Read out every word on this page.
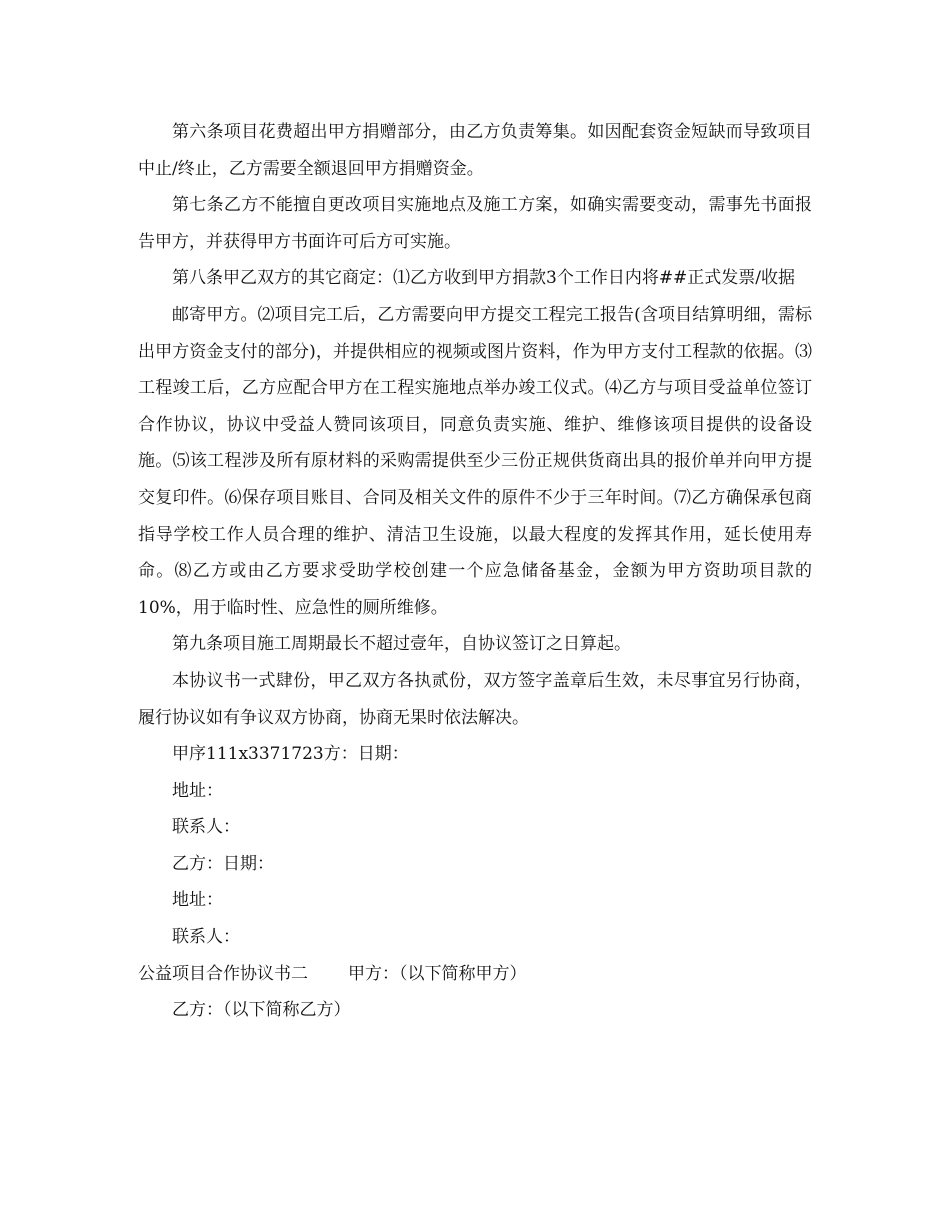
第六条项目花费超出甲方捐赠部分，由乙方负责筹集。如因配套资金短缺而导致项目中止/终止，乙方需要全额退回甲方捐赠资金。

第七条乙方不能擅自更改项目实施地点及施工方案，如确实需要变动，需事先书面报告甲方，并获得甲方书面许可后方可实施。

第八条甲乙双方的其它商定：⑴乙方收到甲方捐款3个工作日内将##正式发票/收据

邮寄甲方。⑵项目完工后，乙方需要向甲方提交工程完工报告(含项目结算明细，需标出甲方资金支付的部分)，并提供相应的视频或图片资料，作为甲方支付工程款的依据。⑶工程竣工后，乙方应配合甲方在工程实施地点举办竣工仪式。⑷乙方与项目受益单位签订合作协议，协议中受益人赞同该项目，同意负责实施、维护、维修该项目提供的设备设施。⑸该工程涉及所有原材料的采购需提供至少三份正规供货商出具的报价单并向甲方提交复印件。⑹保存项目账目、合同及相关文件的原件不少于三年时间。⑺乙方确保承包商指导学校工作人员合理的维护、清洁卫生设施，以最大程度的发挥其作用，延长使用寿命。⑻乙方或由乙方要求受助学校创建一个应急储备基金，金额为甲方资助项目款的10%，用于临时性、应急性的厕所维修。

第九条项目施工周期最长不超过壹年，自协议签订之日算起。

本协议书一式肆份，甲乙双方各执贰份，双方签字盖章后生效，未尽事宜另行协商，履行协议如有争议双方协商，协商无果时依法解决。

甲序111x3371723方：日期：

地址：

联系人：

乙方：日期：

地址：

联系人：

公益项目合作协议书二 甲方：（以下简称甲方）

乙方：（以下简称乙方）
